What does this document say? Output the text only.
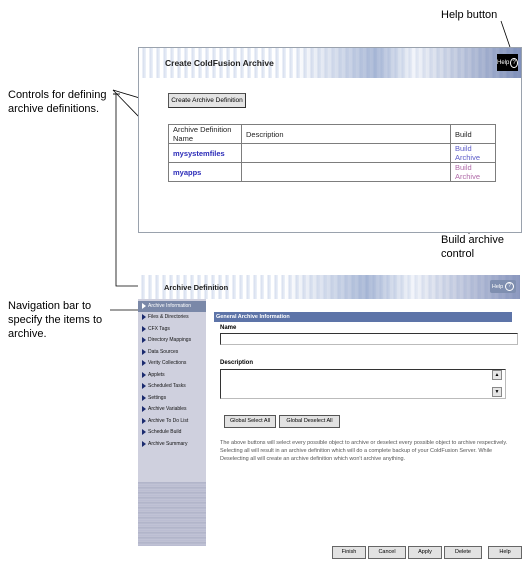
Help button
Controls for defining
archive definitions.
Build archive
control
Navigation bar to
specify the items to
archive.
Create ColdFusion Archive	Help ?
Create Archive Definition
Archive Definition Name	Description	Build
mysystemfiles		Build Archive
myapps		Build Archive
Archive Definition	Help	?
Archive Information
Files & Directories
CFX Tags
Directory Mappings
Data Sources
Verity Collections
Applets
Scheduled Tasks
Settings
Archive Variables
Archive To Do List
Schedule Build
Archive Summary
General Archive Information
Name
Description
▲
▼
Global Select All	Global Deselect All
The above buttons will select every possible object to archive or deselect every possible object to archive respectively. Selecting all will result in an archive definition which will do a complete backup of your ColdFusion Server. While Deselecting all will create an archive definition which won't archive anything.
Finish	Cancel	Apply	Delete	Help
